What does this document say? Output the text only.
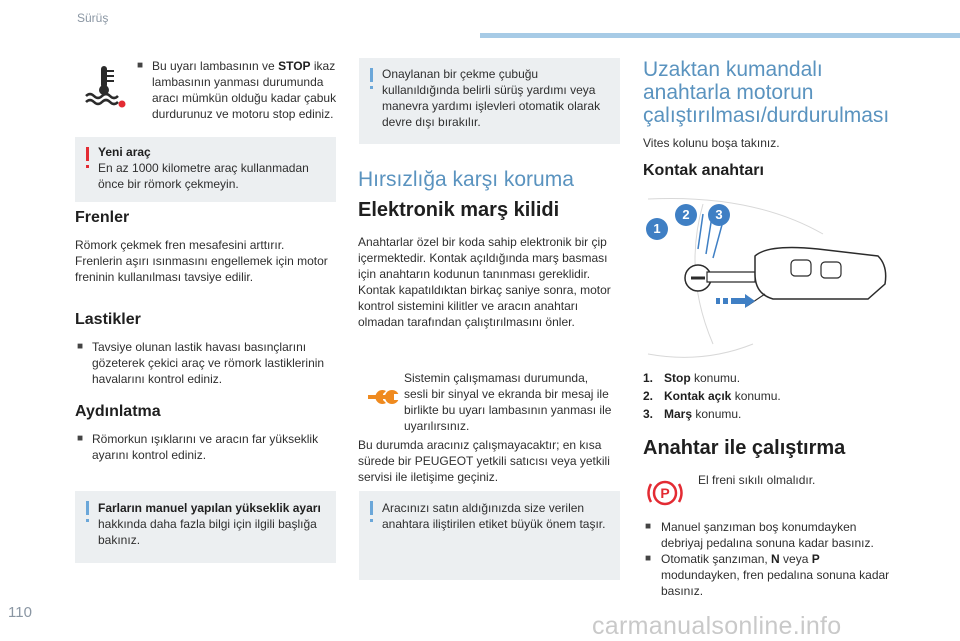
Sürüş
■ Bu uyarı lambasının ve STOP ikaz
lambasının yanması durumunda
aracı mümkün olduğu kadar çabuk
durdurunuz ve motoru stop ediniz.
Yeni araç
En az 1000 kilometre araç kullanmadan
önce bir römork çekmeyin.
Frenler
Römork çekmek fren mesafesini arttırır.
Frenlerin aşırı ısınmasını engellemek için motor
freninin kullanılması tavsiye edilir.
Lastikler
■ Tavsiye olunan lastik havası basınçlarını
gözeterek çekici araç ve römork lastiklerinin
havalarını kontrol ediniz.
Aydınlatma
■ Römorkun ışıklarını ve aracın far yükseklik
ayarını kontrol ediniz.
Farların manuel yapılan yükseklik ayarı
hakkında daha fazla bilgi için ilgili başlığa
bakınız.
Onaylanan bir çekme çubuğu
kullanıldığında belirli sürüş yardımı veya
manevra yardımı işlevleri otomatik olarak
devre dışı bırakılır.
Hırsızlığa karşı koruma
Elektronik marş kilidi
Anahtarlar özel bir koda sahip elektronik bir çip
içermektedir. Kontak açıldığında marş basması
için anahtarın kodunun tanınması gereklidir.
Kontak kapatıldıktan birkaç saniye sonra, motor
kontrol sistemini kilitler ve aracın anahtarı
olmadan tarafından çalıştırılmasını önler.
Sistemin çalışmaması durumunda,
sesli bir sinyal ve ekranda bir mesaj ile
birlikte bu uyarı lambasının yanması ile
uyarılırsınız.
Bu durumda aracınız çalışmayacaktır; en kısa
sürede bir PEUGEOT yetkili satıcısı veya yetkili
servisi ile iletişime geçiniz.
Aracınızı satın aldığınızda size verilen
anahtara iliştirilen etiket büyük önem taşır.
Uzaktan kumandalı
anahtarla motorun
çalıştırılması/durdurulması
Vites kolunu boşa takınız.
Kontak anahtarı
1
2	3
1. Stop konumu.
2. Kontak açık konumu.
3. Marş konumu.
Anahtar ile çalıştırma
P
El freni sıkılı olmalıdır.
■ Manuel şanzıman boş konumdayken
debriyaj pedalına sonuna kadar basınız.
■ Otomatik şanzıman, N veya P
modundayken, fren pedalına sonuna kadar
basınız.
110	carmanualsonline.info
